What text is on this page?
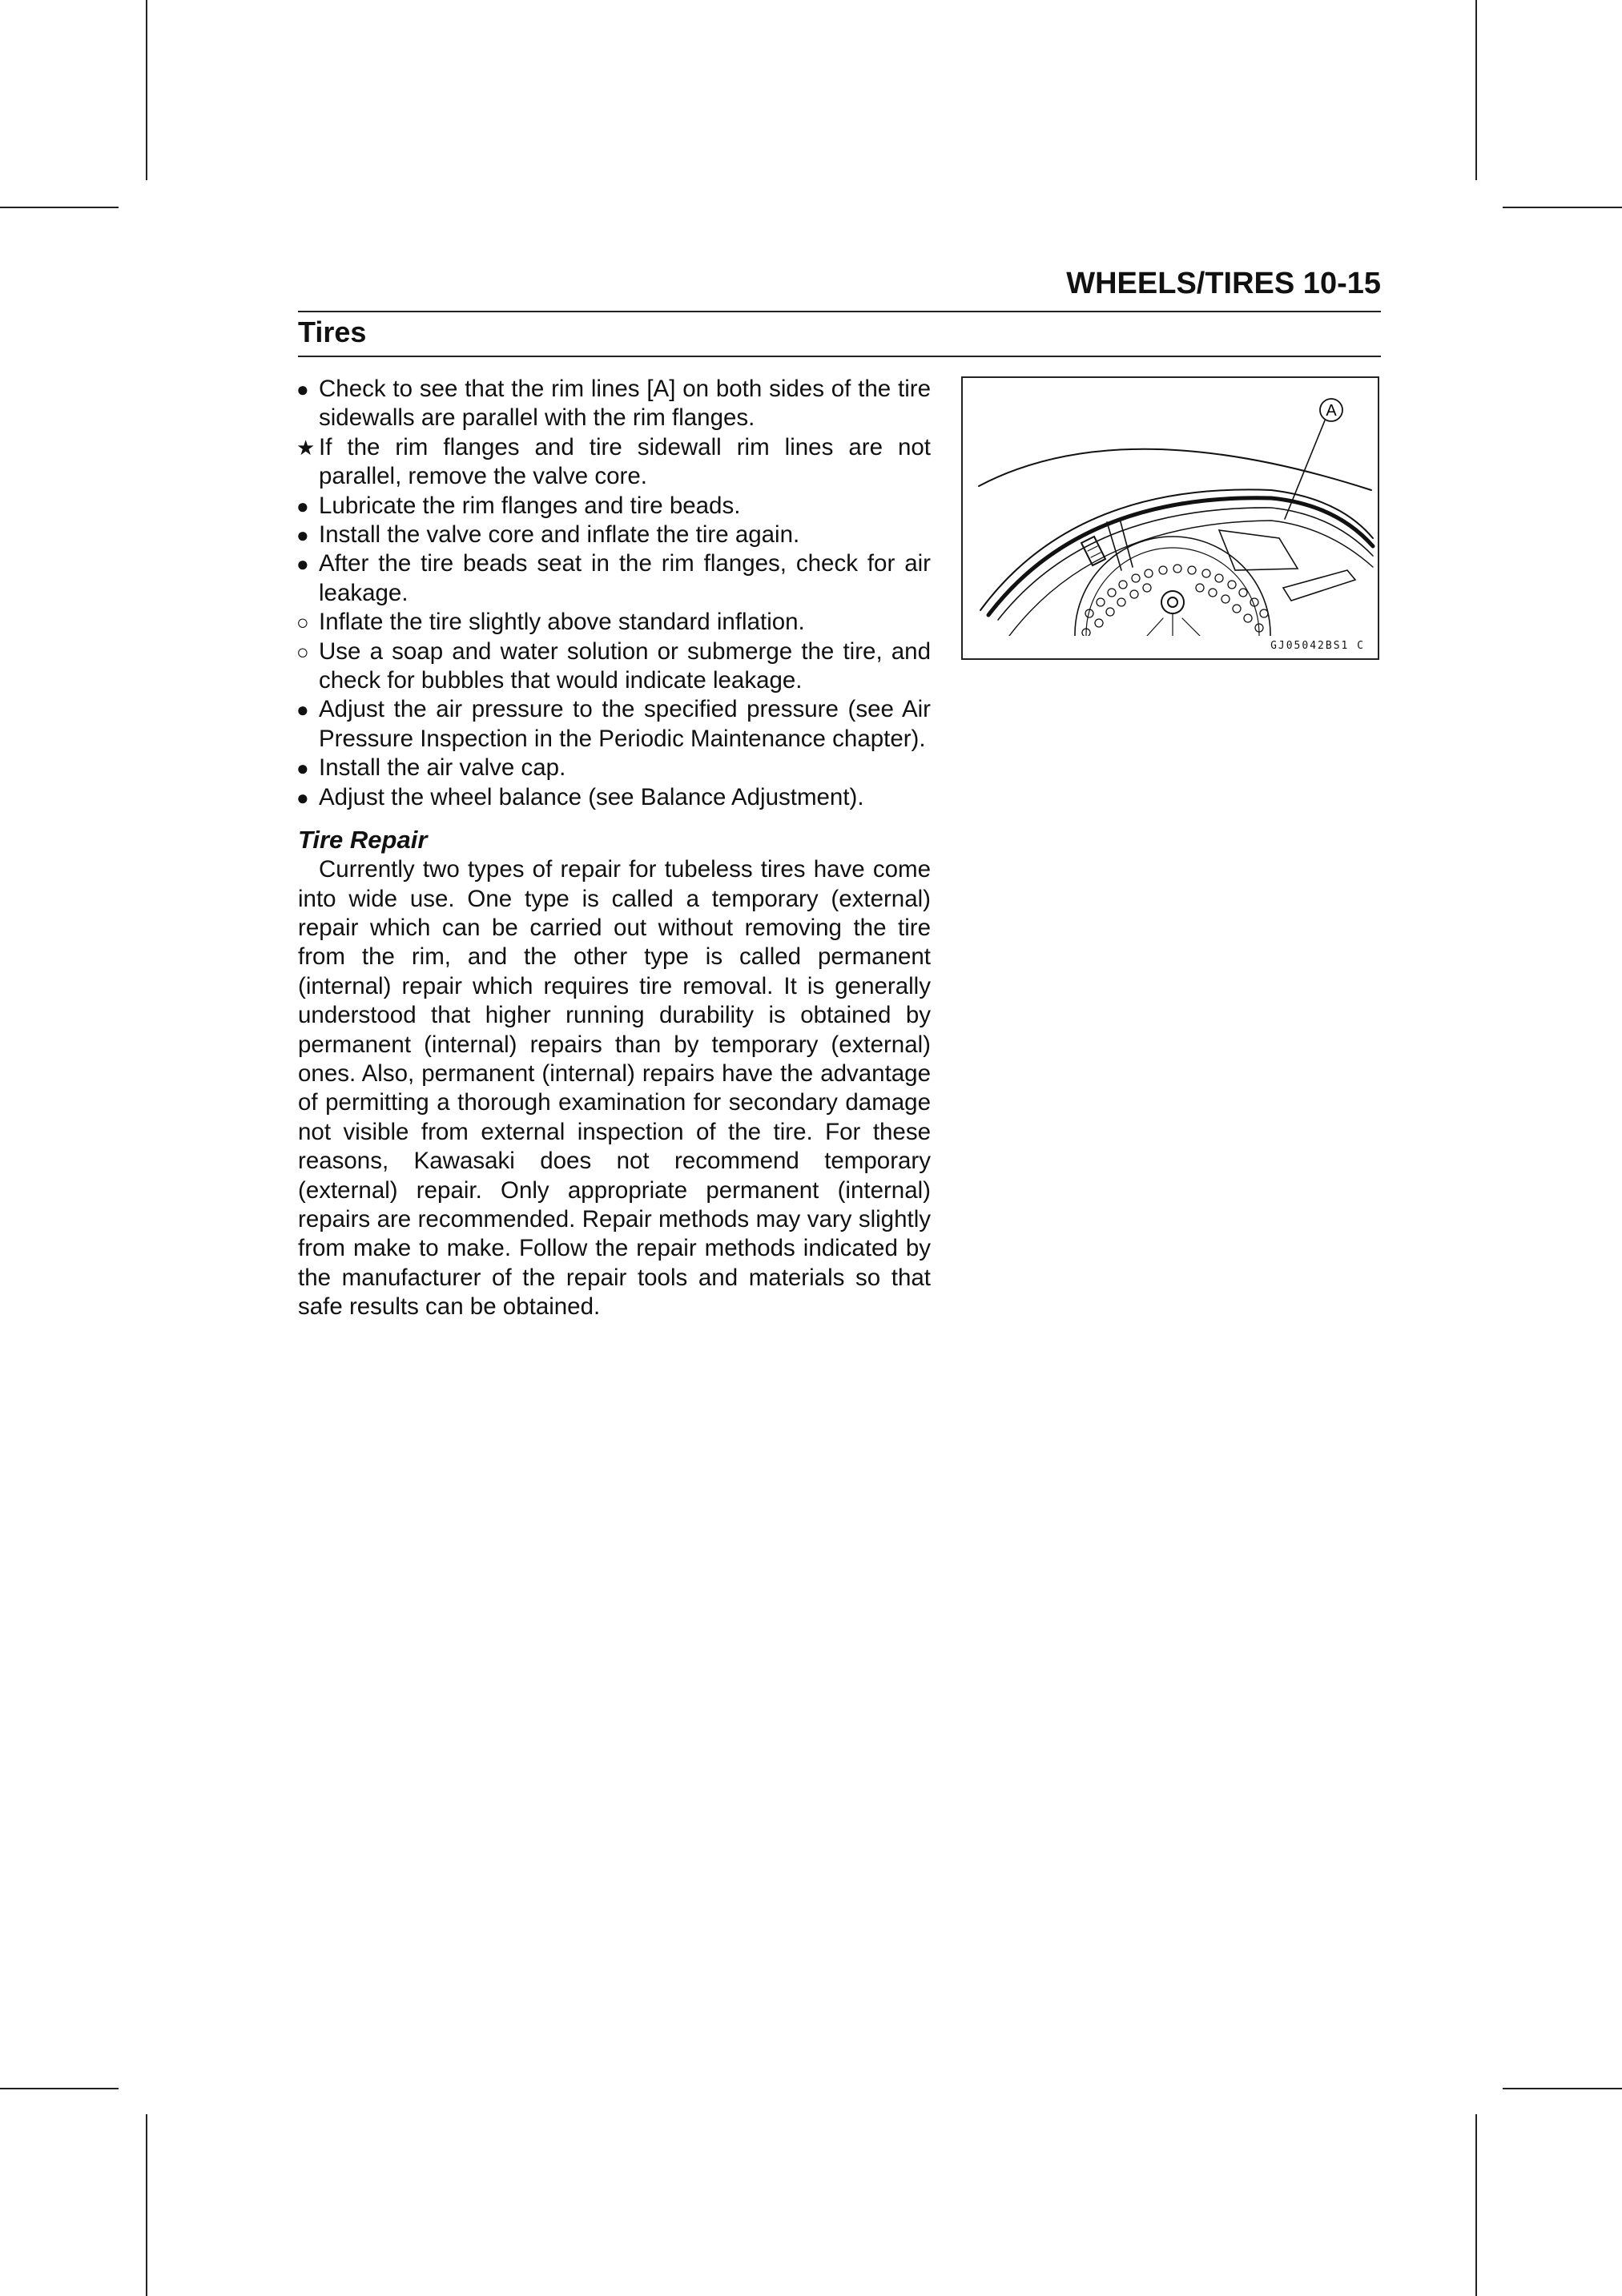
WHEELS/TIRES 10-15
Tires
● Check to see that the rim lines [A] on both sides of the tire sidewalls are parallel with the rim flanges.
★ If the rim flanges and tire sidewall rim lines are not parallel, remove the valve core.
● Lubricate the rim flanges and tire beads.
● Install the valve core and inflate the tire again.
● After the tire beads seat in the rim flanges, check for air leakage.
○ Inflate the tire slightly above standard inflation.
○ Use a soap and water solution or submerge the tire, and check for bubbles that would indicate leakage.
● Adjust the air pressure to the specified pressure (see Air Pressure Inspection in the Periodic Maintenance chapter).
● Install the air valve cap.
● Adjust the wheel balance (see Balance Adjustment).
Tire Repair

Currently two types of repair for tubeless tires have come into wide use. One type is called a temporary (external) repair which can be carried out without removing the tire from the rim, and the other type is called permanent (internal) repair which requires tire removal. It is generally understood that higher running durability is obtained by permanent (internal) repairs than by temporary (external) ones. Also, permanent (internal) repairs have the advantage of permitting a thorough examination for secondary damage not visible from external inspection of the tire. For these reasons, Kawasaki does not recommend temporary (external) repair. Only appropriate permanent (internal) repairs are recommended. Repair methods may vary slightly from make to make. Follow the repair methods indicated by the manufacturer of the repair tools and materials so that safe results can be obtained.

A
GJ05042BS1 C
